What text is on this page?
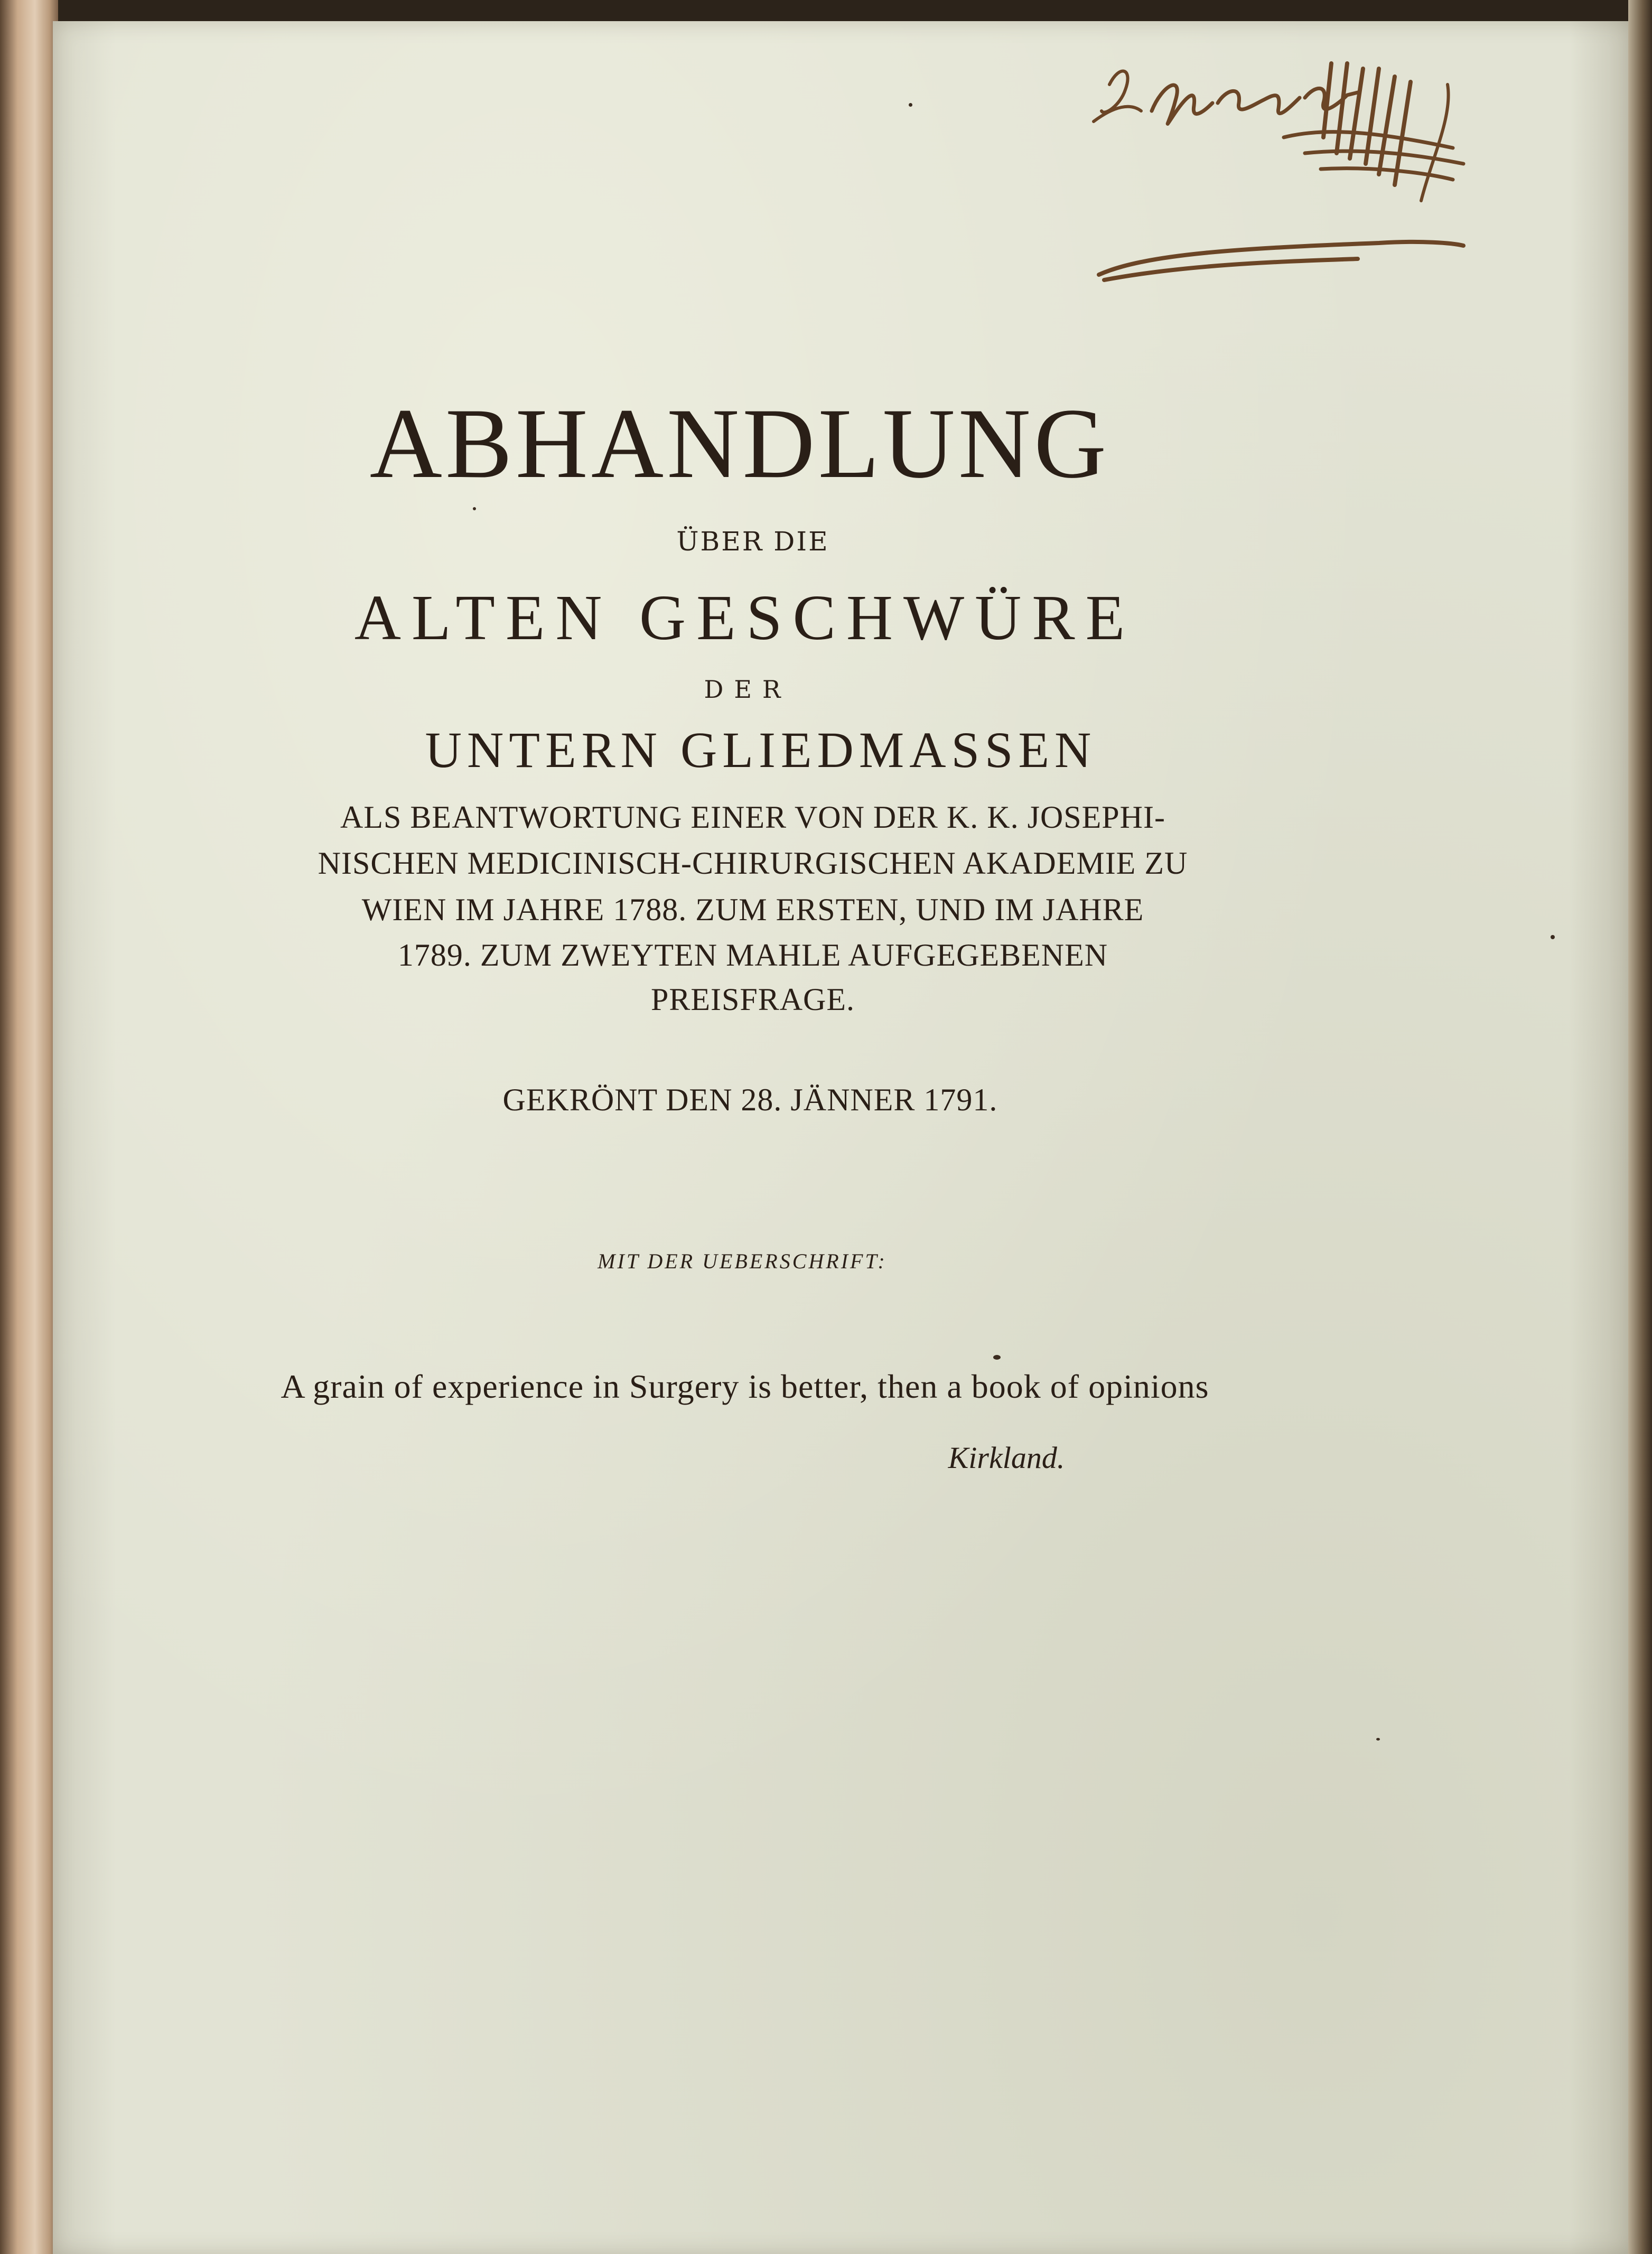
ABHANDLUNG
ÜBER DIE
ALTEN GESCHWÜRE
DER
UNTERN GLIEDMASSEN
ALS BEANTWORTUNG EINER VON DER K. K. JOSEPHI-
NISCHEN MEDICINISCH-CHIRURGISCHEN AKADEMIE ZU
WIEN IM JAHRE 1788. ZUM ERSTEN, UND IM JAHRE
1789. ZUM ZWEYTEN MAHLE AUFGEGEBENEN
PREISFRAGE.
GEKRÖNT DEN 28. JÄNNER 1791.
MIT DER UEBERSCHRIFT:
A grain of experience in Surgery is better, then a book of opinions
Kirkland.
